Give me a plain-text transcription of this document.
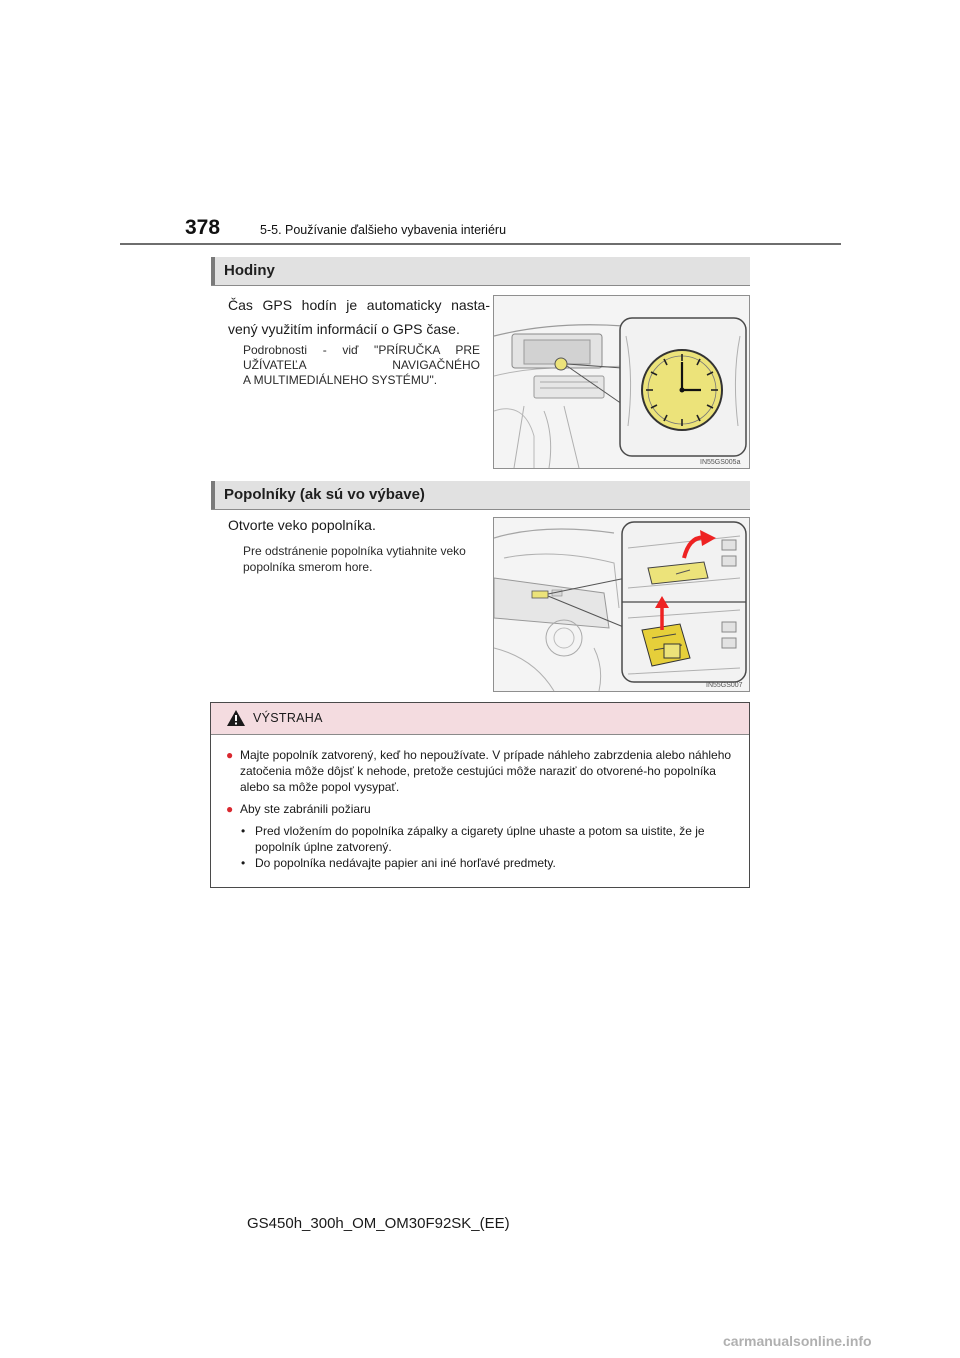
378	5-5. Používanie ďalšieho vybavenia interiéru
Hodiny
Čas GPS hodín je automaticky nasta-
vený využitím informácií o GPS čase.
Podrobnosti - viď "PRÍRUČKA PRE
UŽÍVATEĽA NAVIGAČNÉHO
A MULTIMEDIÁLNEHO SYSTÉMU".
IN55GS005a
Popolníky (ak sú vo výbave)
Otvorte veko popolníka.
Pre odstránenie popolníka vytiahnite veko
popolníka smerom hore.
IN55GS007
VÝSTRAHA
● Majte popolník zatvorený, keď ho nepoužívate. V prípade náhleho zabrzdenia alebo náhleho zatočenia môže dôjsť k nehode, pretože cestujúci môže naraziť do otvorené-ho popolníka alebo sa môže popol vysypať.
● Aby ste zabránili požiaru
• Pred vložením do popolníka zápalky a cigarety úplne uhaste a potom sa uistite, že je popolník úplne zatvorený.
• Do popolníka nedávajte papier ani iné horľavé predmety.
GS450h_300h_OM_OM30F92SK_(EE)
carmanualsonline.info
